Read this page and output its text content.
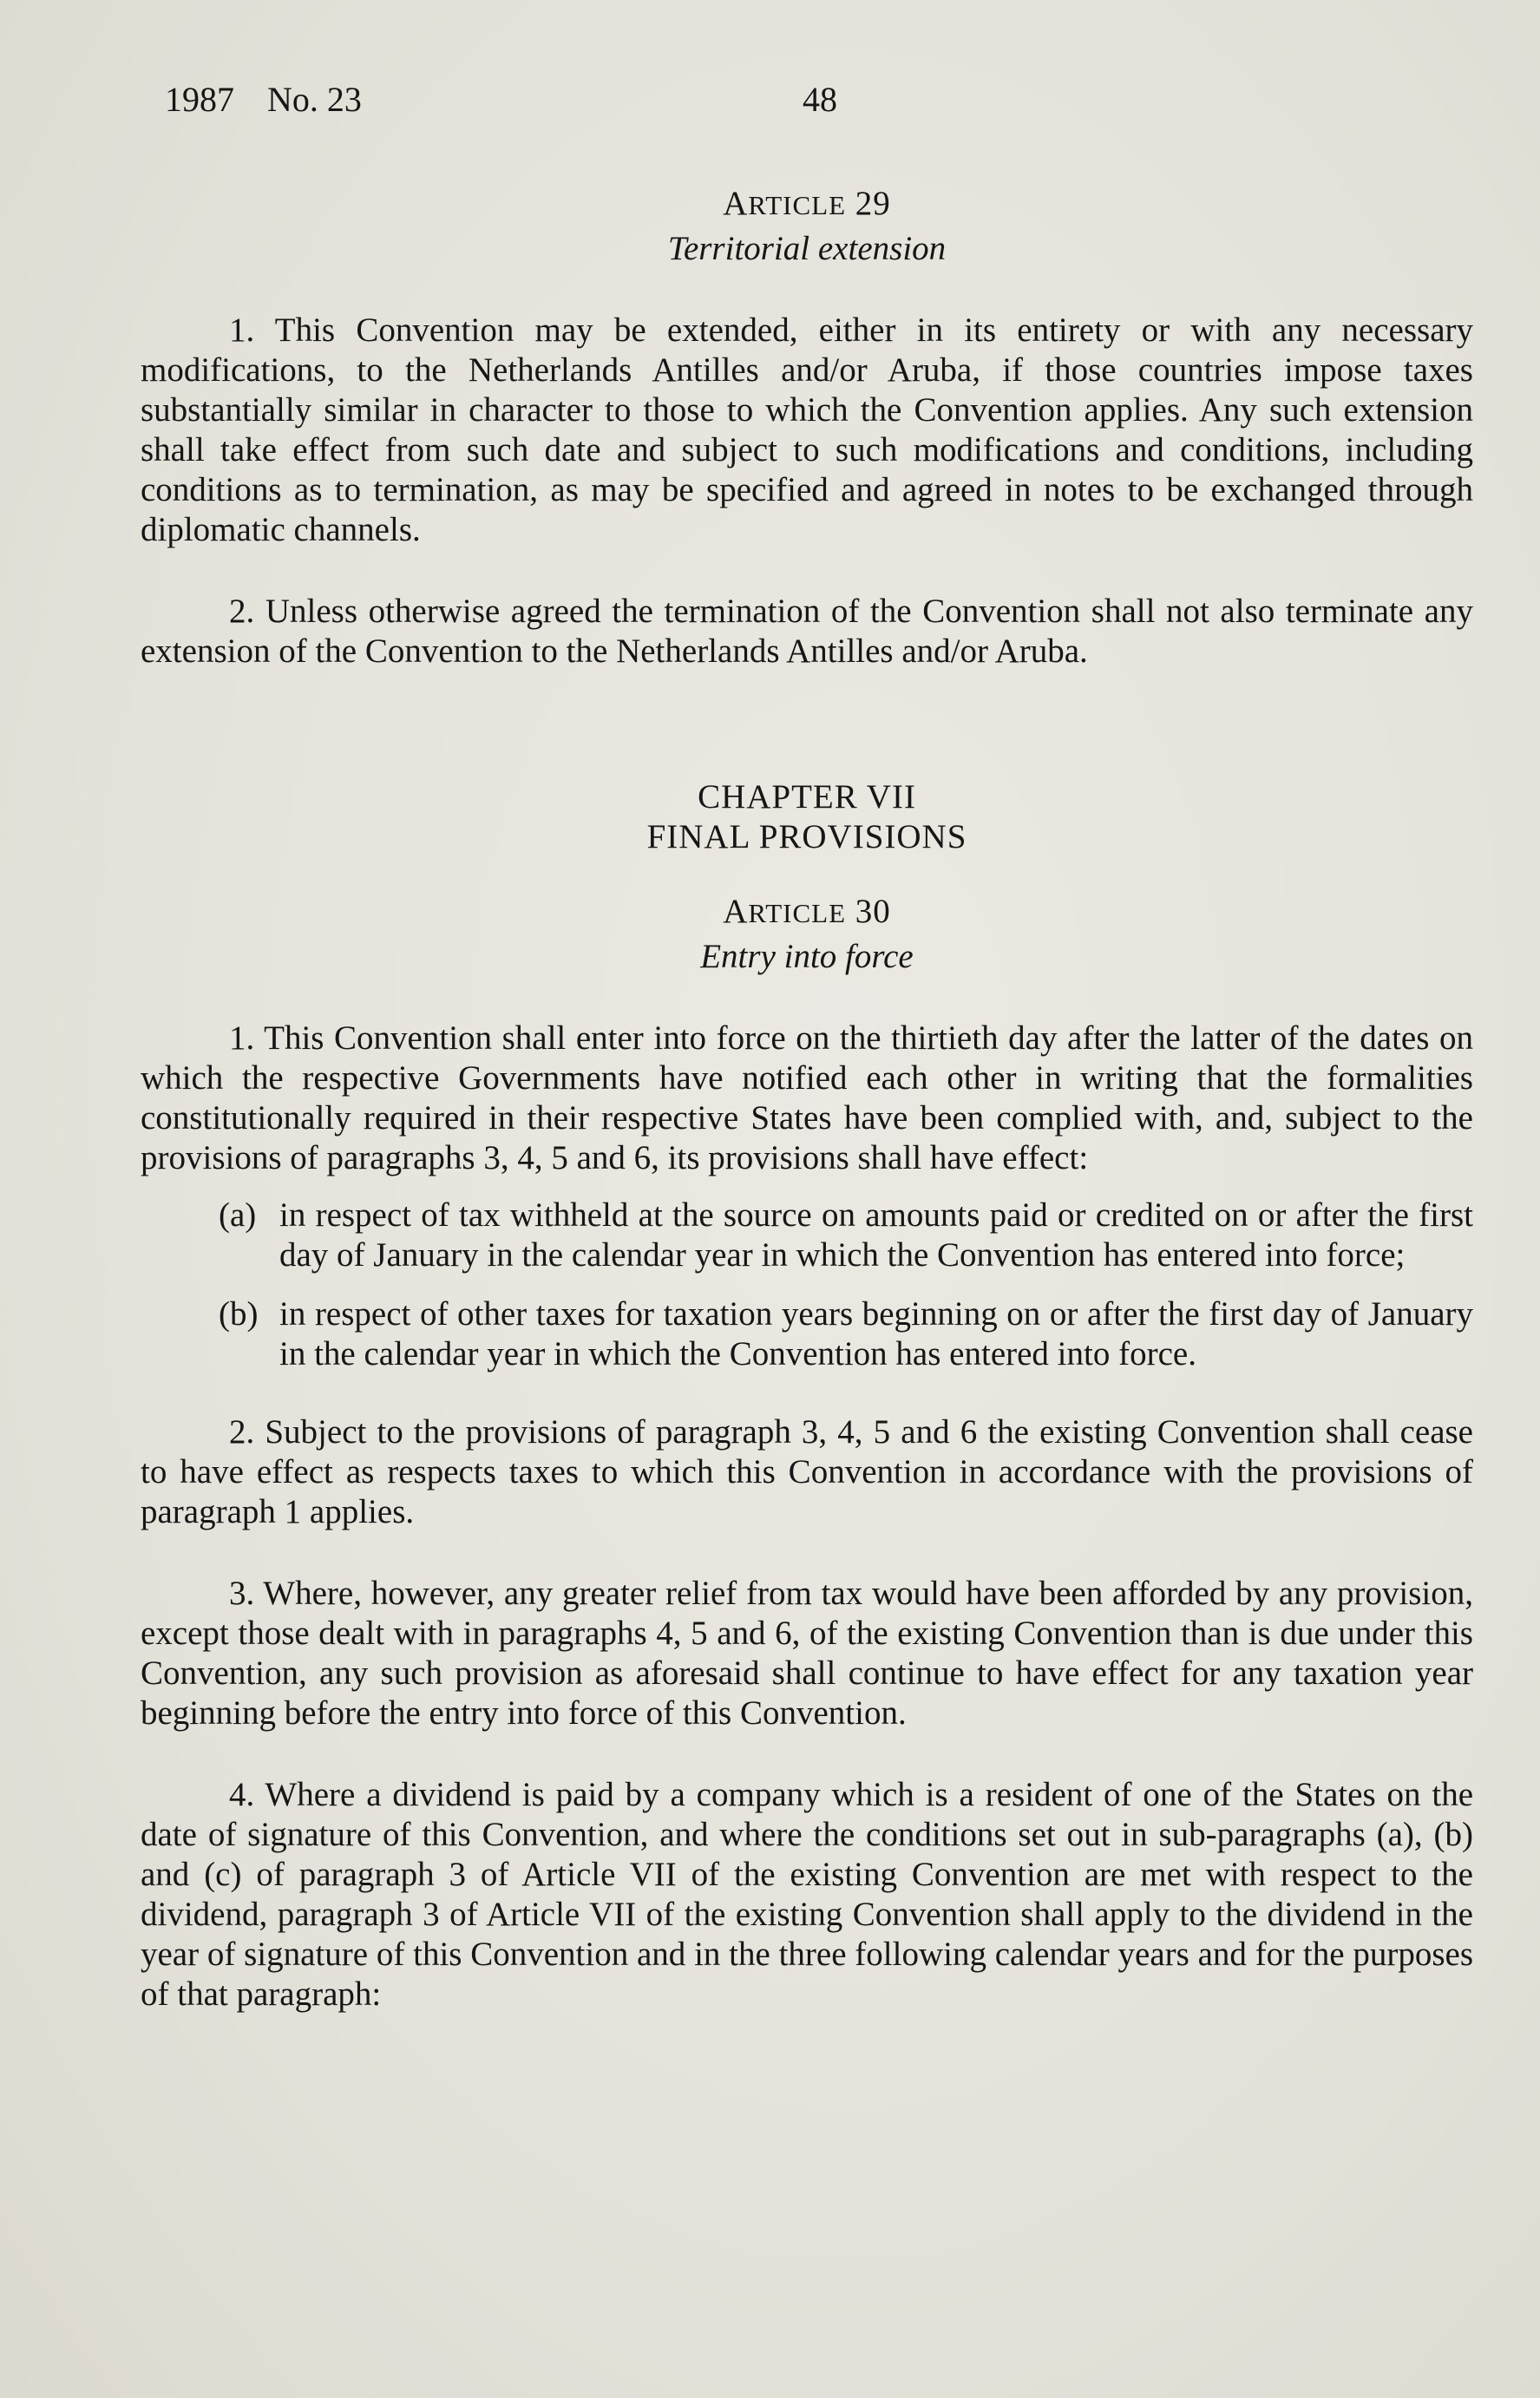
1987 No. 23	48
ARTICLE 29
Territorial extension

1. This Convention may be extended, either in its entirety or with any necessary modifications, to the Netherlands Antilles and/or Aruba, if those countries impose taxes substantially similar in character to those to which the Convention applies. Any such extension shall take effect from such date and subject to such modifications and conditions, including conditions as to termination, as may be specified and agreed in notes to be exchanged through diplomatic channels.

2. Unless otherwise agreed the termination of the Convention shall not also terminate any extension of the Convention to the Netherlands Antilles and/or Aruba.

CHAPTER VII
FINAL PROVISIONS
ARTICLE 30
Entry into force

1. This Convention shall enter into force on the thirtieth day after the latter of the dates on which the respective Governments have notified each other in writing that the formalities constitutionally required in their respective States have been complied with, and, subject to the provisions of paragraphs 3, 4, 5 and 6, its provisions shall have effect:

(a) in respect of tax withheld at the source on amounts paid or credited on or after the first day of January in the calendar year in which the Convention has entered into force;
(b) in respect of other taxes for taxation years beginning on or after the first day of January in the calendar year in which the Convention has entered into force.

2. Subject to the provisions of paragraph 3, 4, 5 and 6 the existing Convention shall cease to have effect as respects taxes to which this Convention in accordance with the provisions of paragraph 1 applies.

3. Where, however, any greater relief from tax would have been afforded by any provision, except those dealt with in paragraphs 4, 5 and 6, of the existing Convention than is due under this Convention, any such provision as aforesaid shall continue to have effect for any taxation year beginning before the entry into force of this Convention.

4. Where a dividend is paid by a company which is a resident of one of the States on the date of signature of this Convention, and where the conditions set out in sub-paragraphs (a), (b) and (c) of paragraph 3 of Article VII of the existing Convention are met with respect to the dividend, paragraph 3 of Article VII of the existing Convention shall apply to the dividend in the year of signature of this Convention and in the three following calendar years and for the purposes of that paragraph:
